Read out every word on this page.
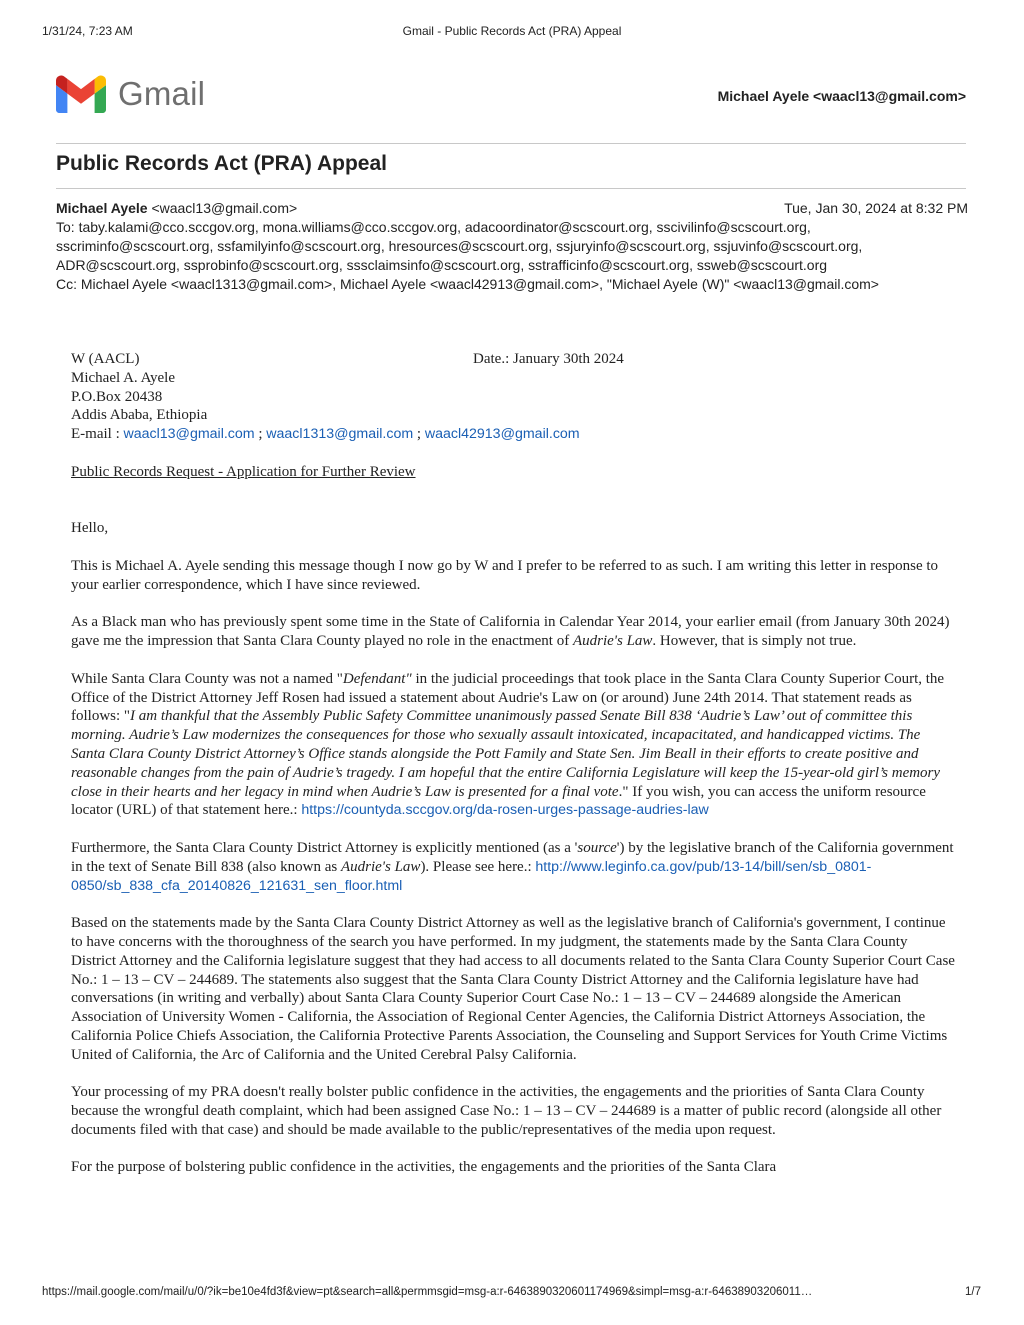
1/31/24, 7:23 AM	Gmail - Public Records Act (PRA) Appeal
Gmail	Michael Ayele <waacl13@gmail.com>
Public Records Act (PRA) Appeal
Michael Ayele <waacl13@gmail.com>	Tue, Jan 30, 2024 at 8:32 PM
To: taby.kalami@cco.sccgov.org, mona.williams@cco.sccgov.org, adacoordinator@scscourt.org, sscivilinfo@scscourt.org, sscriminfo@scscourt.org, ssfamilyinfo@scscourt.org, hresources@scscourt.org, ssjuryinfo@scscourt.org, ssjuvinfo@scscourt.org, ADR@scscourt.org, ssprobinfo@scscourt.org, sssclaimsinfo@scscourt.org, sstrafficinfo@scscourt.org, ssweb@scscourt.org
Cc: Michael Ayele <waacl1313@gmail.com>, Michael Ayele <waacl42913@gmail.com>, "Michael Ayele (W)" <waacl13@gmail.com>
W (AACL)	Date.: January 30th 2024
Michael A. Ayele
P.O.Box 20438
Addis Ababa, Ethiopia
E-mail : waacl13@gmail.com ; waacl1313@gmail.com ; waacl42913@gmail.com

Public Records Request - Application for Further Review

Hello,

This is Michael A. Ayele sending this message though I now go by W and I prefer to be referred to as such. I am writing this letter in response to your earlier correspondence, which I have since reviewed.

As a Black man who has previously spent some time in the State of California in Calendar Year 2014, your earlier email (from January 30th 2024) gave me the impression that Santa Clara County played no role in the enactment of Audrie's Law. However, that is simply not true.

While Santa Clara County was not a named "Defendant" in the judicial proceedings that took place in the Santa Clara County Superior Court, the Office of the District Attorney Jeff Rosen had issued a statement about Audrie's Law on (or around) June 24th 2014. That statement reads as follows: "I am thankful that the Assembly Public Safety Committee unanimously passed Senate Bill 838 ‘Audrie’s Law’ out of committee this morning. Audrie’s Law modernizes the consequences for those who sexually assault intoxicated, incapacitated, and handicapped victims. The Santa Clara County District Attorney’s Office stands alongside the Pott Family and State Sen. Jim Beall in their efforts to create positive and reasonable changes from the pain of Audrie’s tragedy. I am hopeful that the entire California Legislature will keep the 15-year-old girl’s memory close in their hearts and her legacy in mind when Audrie’s Law is presented for a final vote." If you wish, you can access the uniform resource locator (URL) of that statement here.: https://countyda.sccgov.org/da-rosen-urges-passage-audries-law

Furthermore, the Santa Clara County District Attorney is explicitly mentioned (as a 'source') by the legislative branch of the California government in the text of Senate Bill 838 (also known as Audrie's Law). Please see here.: http://www.leginfo.ca.gov/pub/13-14/bill/sen/sb_0801-0850/sb_838_cfa_20140826_121631_sen_floor.html

Based on the statements made by the Santa Clara County District Attorney as well as the legislative branch of California's government, I continue to have concerns with the thoroughness of the search you have performed. In my judgment, the statements made by the Santa Clara County District Attorney and the California legislature suggest that they had access to all documents related to the Santa Clara County Superior Court Case No.: 1 – 13 – CV – 244689. The statements also suggest that the Santa Clara County District Attorney and the California legislature have had conversations (in writing and verbally) about Santa Clara County Superior Court Case No.: 1 – 13 – CV – 244689 alongside the American Association of University Women - California, the Association of Regional Center Agencies, the California District Attorneys Association, the California Police Chiefs Association, the California Protective Parents Association, the Counseling and Support Services for Youth Crime Victims United of California, the Arc of California and the United Cerebral Palsy California.

Your processing of my PRA doesn't really bolster public confidence in the activities, the engagements and the priorities of Santa Clara County because the wrongful death complaint, which had been assigned Case No.: 1 – 13 – CV – 244689 is a matter of public record (alongside all other documents filed with that case) and should be made available to the public/representatives of the media upon request.

For the purpose of bolstering public confidence in the activities, the engagements and the priorities of the Santa Clara

https://mail.google.com/mail/u/0/?ik=be10e4fd3f&view=pt&search=all&permmsgid=msg-a:r-6463890320601174969&simpl=msg-a:r-64638903206011…	1/7
